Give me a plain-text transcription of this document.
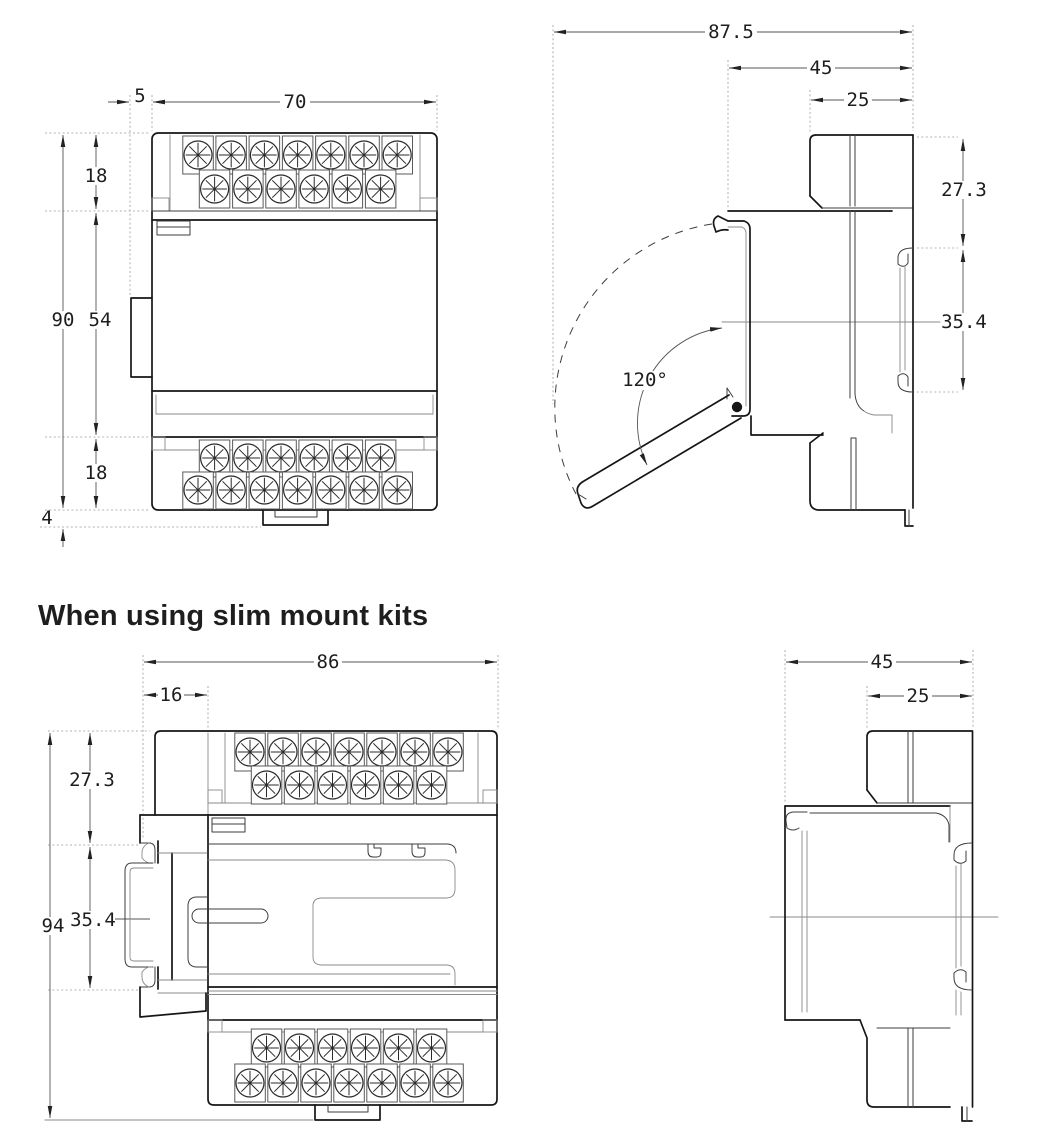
5	70
18
90 54
18
4
87.5
45
25
27.3
35.4
120°
86
16
27.3
94 35.4
45
25
When using slim mount kits
